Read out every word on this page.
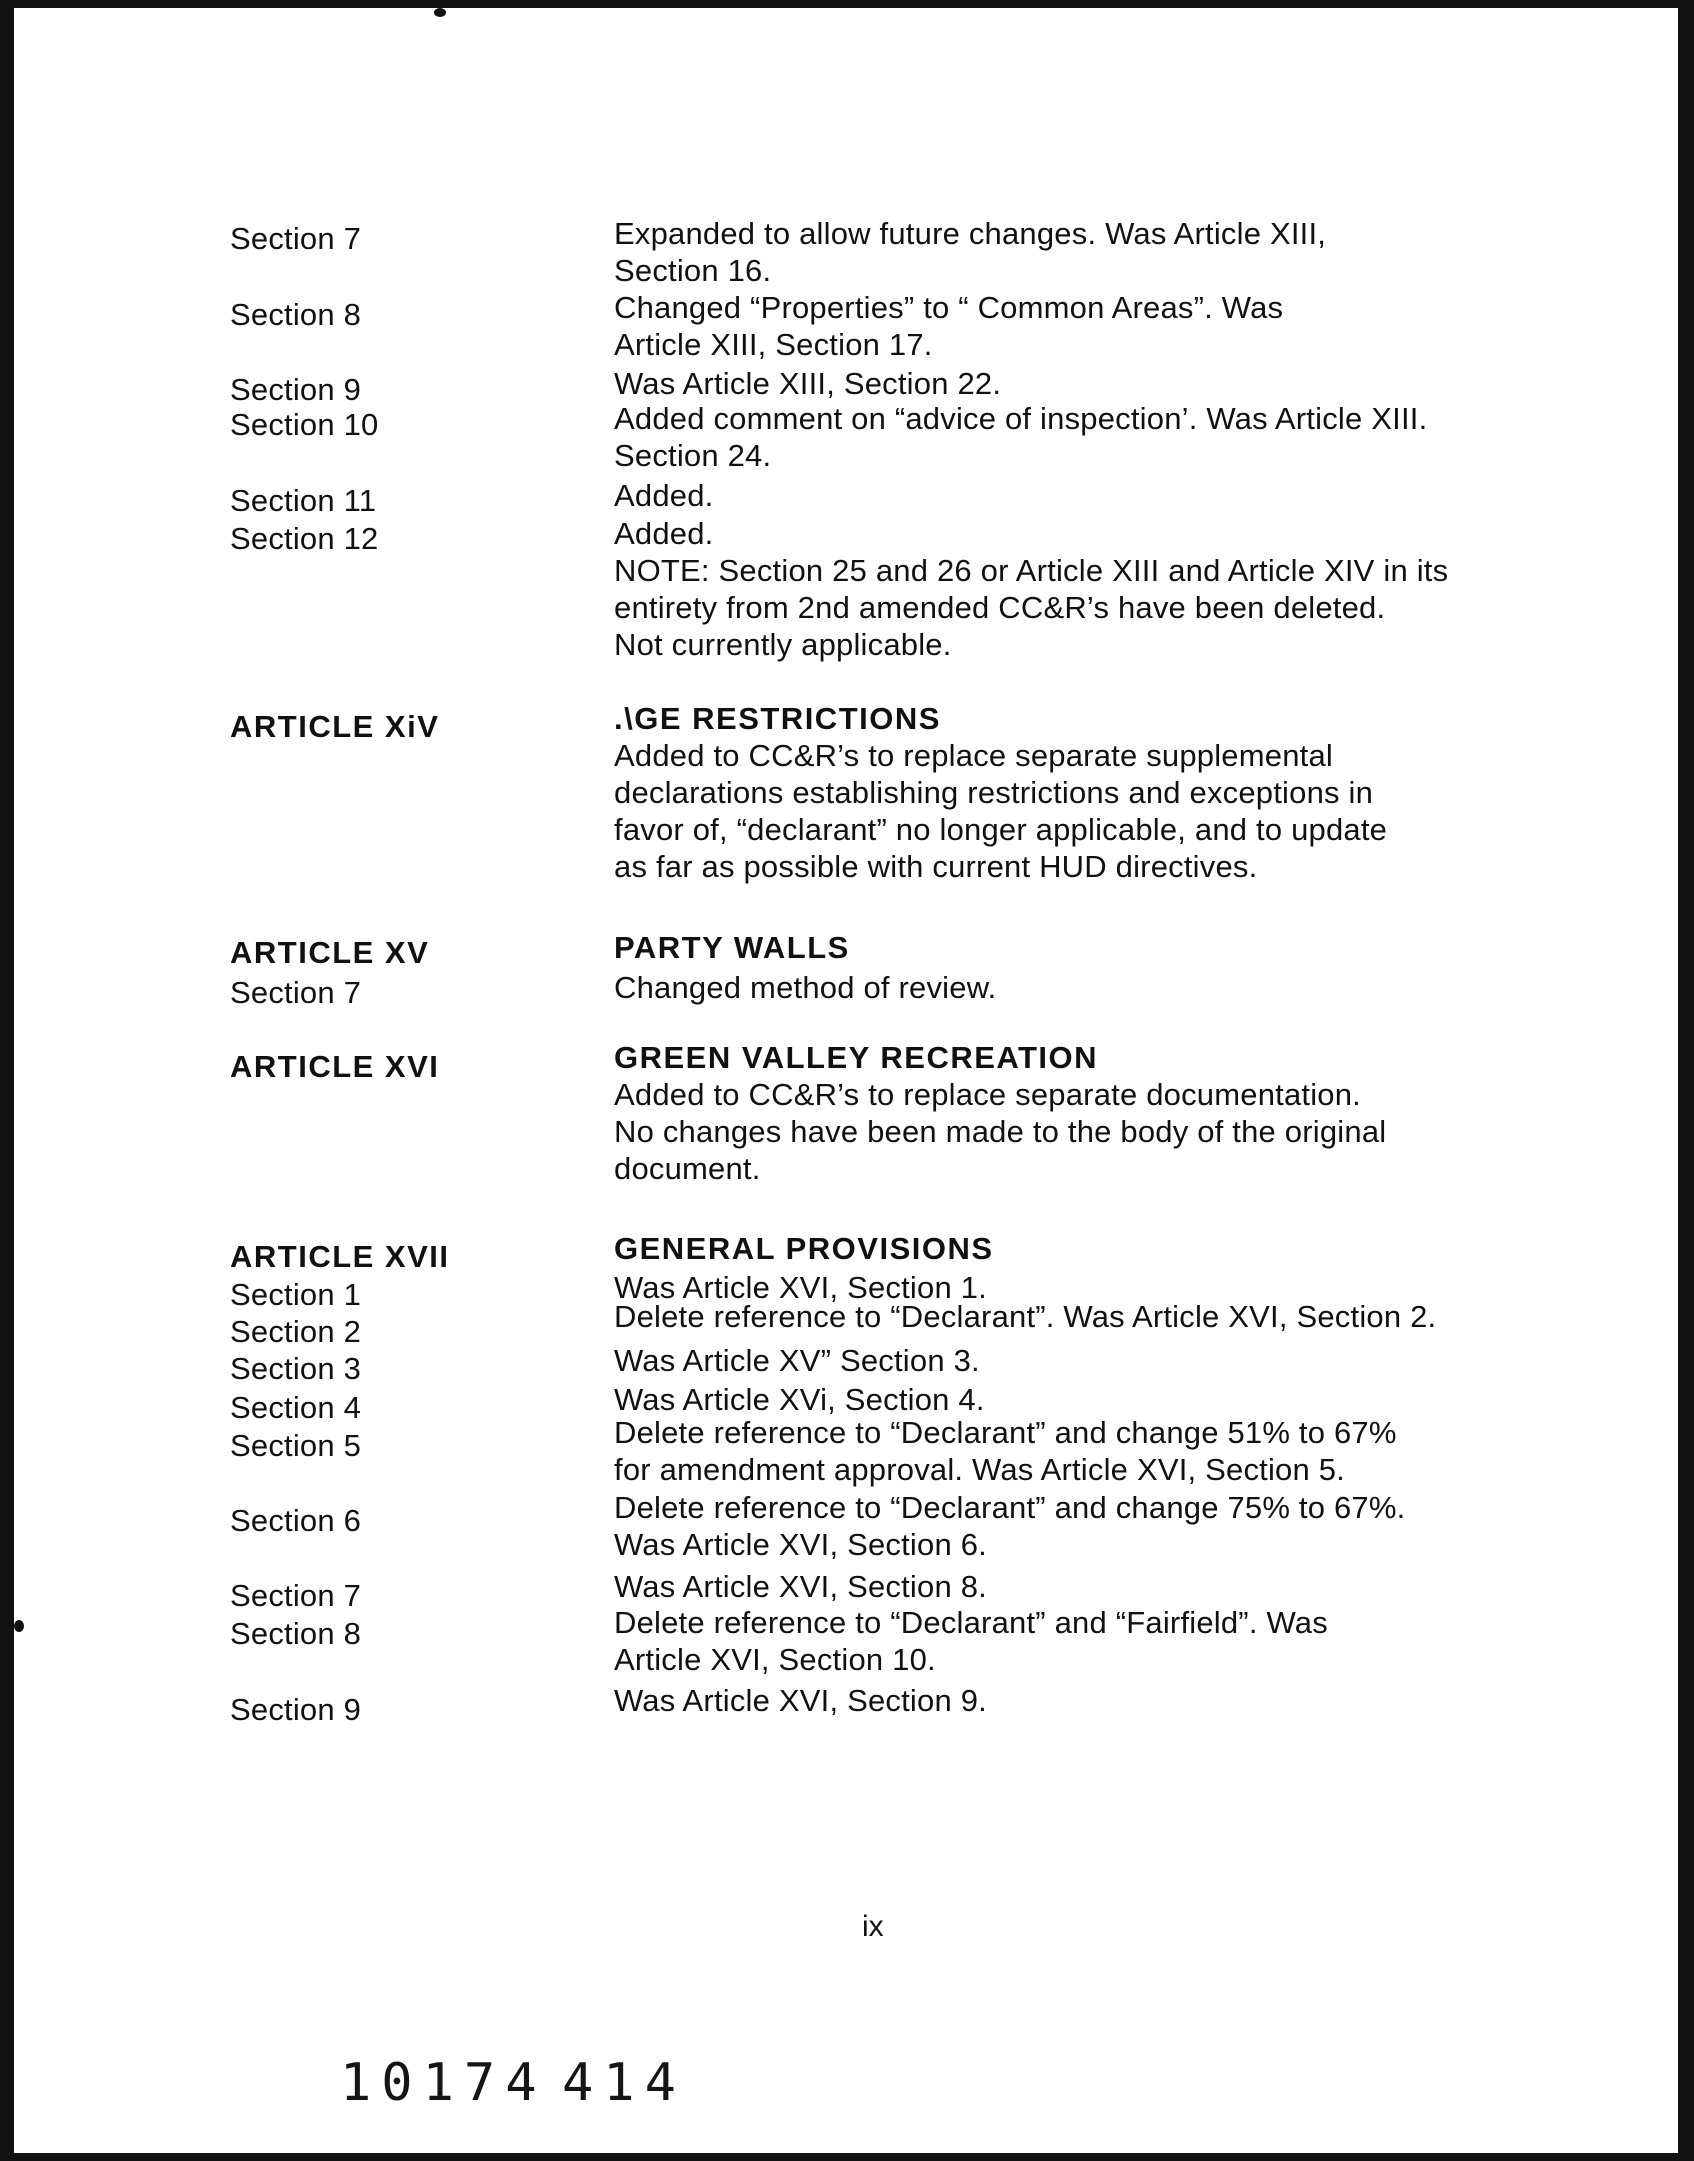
Section 7	Expanded to allow future changes. Was Article XIII,
Section 16.
Section 8	Changed “Properties” to “ Common Areas”. Was
Article XIII, Section 17.
Section 9	Was Article XIII, Section 22.
Section 10	Added comment on “advice of inspection’. Was Article XIII.
Section 24.
Section 11	Added.
Section 12	Added.
NOTE: Section 25 and 26 or Article XIII and Article XIV in its
entirety from 2nd amended CC&R’s have been deleted.
Not currently applicable.
ARTICLE XiV	.\GE RESTRICTIONS
Added to CC&R’s to replace separate supplemental
declarations establishing restrictions and exceptions in
favor of, “declarant” no longer applicable, and to update
as far as possible with current HUD directives.
ARTICLE XV	PARTY WALLS
Section 7	Changed method of review.
ARTICLE XVI	GREEN VALLEY RECREATION
Added to CC&R’s to replace separate documentation.
No changes have been made to the body of the original
document.
ARTICLE XVII	GENERAL PROVISIONS
Section 1	Was Article XVI, Section 1.
Section 2	Delete reference to “Declarant”. Was Article XVI, Section 2.
Section 3	Was Article XV” Section 3.
Section 4	Was Article XVi, Section 4.
Section 5	Delete reference to “Declarant” and change 51% to 67%
for amendment approval. Was Article XVI, Section 5.
Section 6	Delete reference to “Declarant” and change 75% to 67%.
Was Article XVI, Section 6.
Section 7	Was Article XVI, Section 8.
Section 8	Delete reference to “Declarant” and “Fairfield”. Was
Article XVI, Section 10.
Section 9	Was Article XVI, Section 9.
ix
10174 414
